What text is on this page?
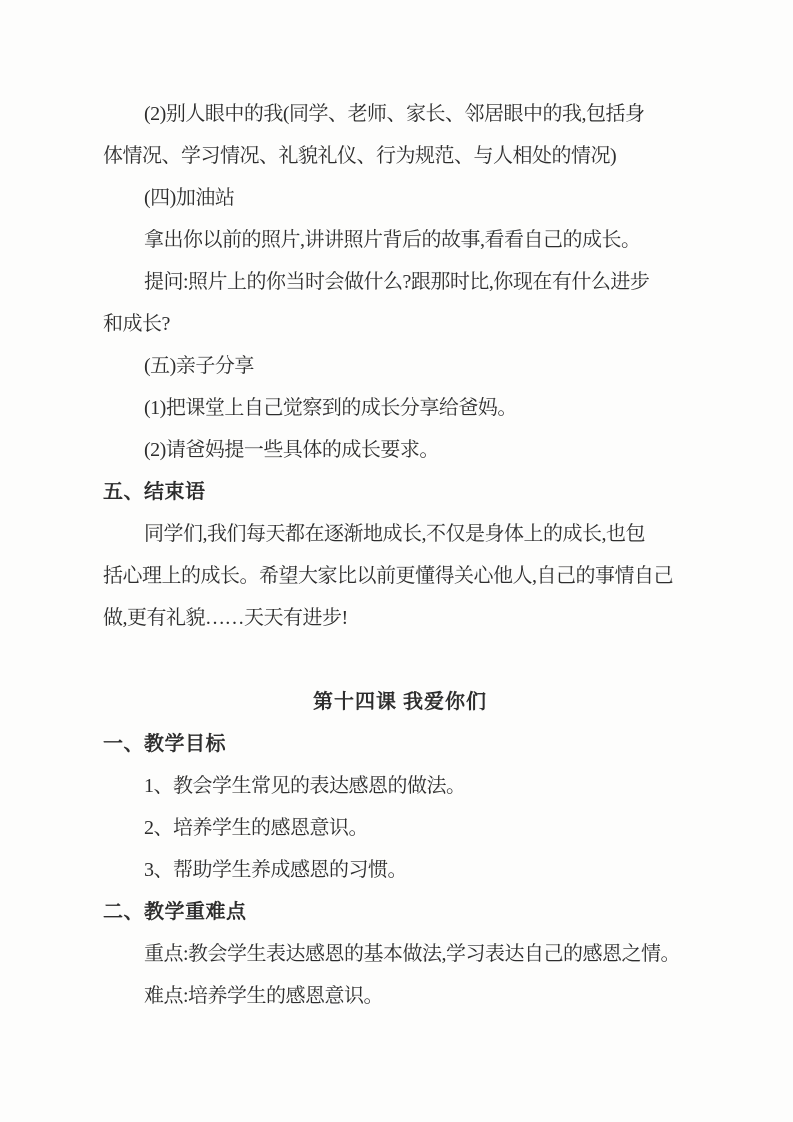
(2)别人眼中的我(同学、老师、家长、邻居眼中的我,包括身

体情况、学习情况、礼貌礼仪、行为规范、与人相处的情况)

(四)加油站

拿出你以前的照片,讲讲照片背后的故事,看看自己的成长。

提问:照片上的你当时会做什么?跟那时比,你现在有什么进步

和成长?

(五)亲子分享

(1)把课堂上自己觉察到的成长分享给爸妈。

(2)请爸妈提一些具体的成长要求。

五、结束语

同学们,我们每天都在逐渐地成长,不仅是身体上的成长,也包

括心理上的成长。希望大家比以前更懂得关心他人,自己的事情自己

做,更有礼貌……天天有进步!

第十四课 我爱你们

一、教学目标

1、教会学生常见的表达感恩的做法。

2、培养学生的感恩意识。

3、帮助学生养成感恩的习惯。

二、教学重难点

重点:教会学生表达感恩的基本做法,学习表达自己的感恩之情。

难点:培养学生的感恩意识。
